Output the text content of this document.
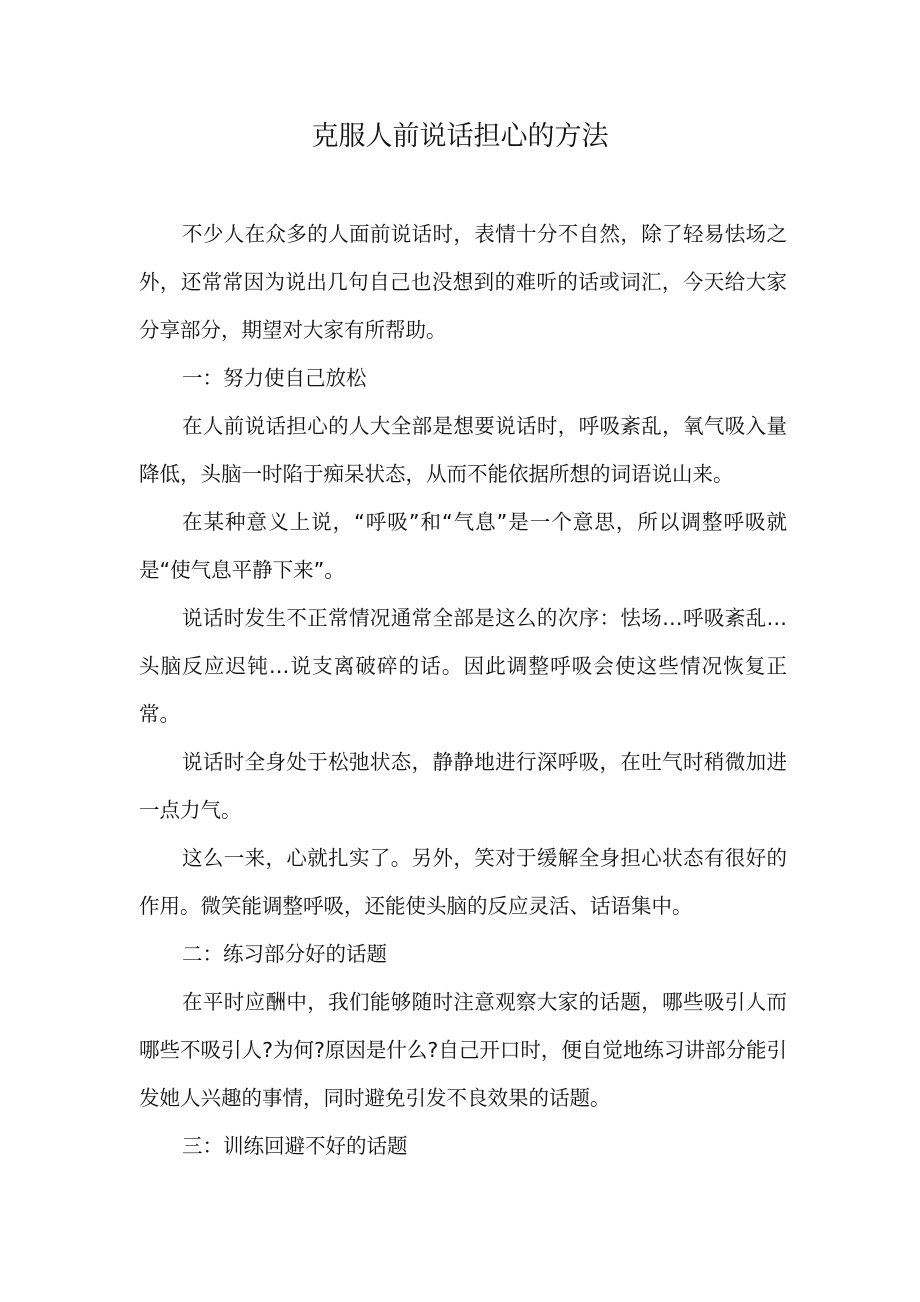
克服人前说话担心的方法

不少人在众多的人面前说话时，表情十分不自然，除了轻易怯场之外，还常常因为说出几句自己也没想到的难听的话或词汇，今天给大家分享部分，期望对大家有所帮助。

一：努力使自己放松

在人前说话担心的人大全部是想要说话时，呼吸紊乱，氧气吸入量降低，头脑一时陷于痴呆状态，从而不能依据所想的词语说山来。

在某种意义上说，“呼吸”和“气息”是一个意思，所以调整呼吸就是“使气息平静下来”。

说话时发生不正常情况通常全部是这么的次序：怯场…呼吸紊乱…头脑反应迟钝…说支离破碎的话。因此调整呼吸会使这些情况恢复正常。

说话时全身处于松弛状态，静静地进行深呼吸，在吐气时稍微加进一点力气。

这么一来，心就扎实了。另外，笑对于缓解全身担心状态有很好的作用。微笑能调整呼吸，还能使头脑的反应灵活、话语集中。

二：练习部分好的话题

在平时应酬中，我们能够随时注意观察大家的话题，哪些吸引人而哪些不吸引人?为何?原因是什么?自己开口时，便自觉地练习讲部分能引发她人兴趣的事情，同时避免引发不良效果的话题。

三：训练回避不好的话题
